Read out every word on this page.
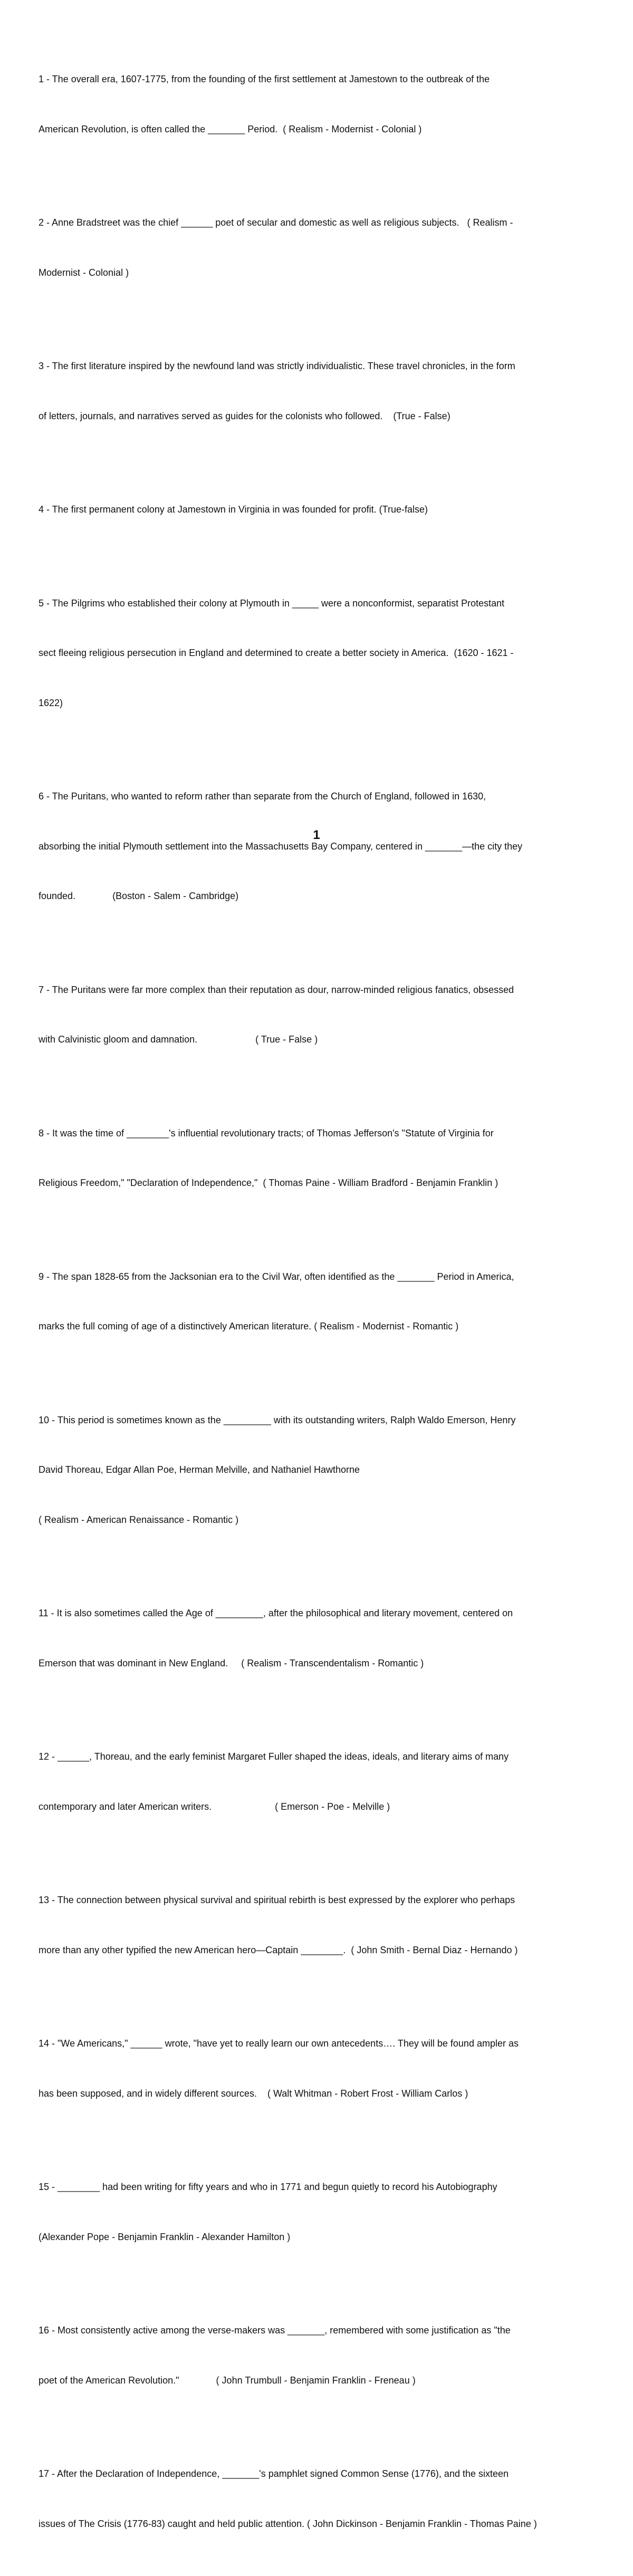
1 - The overall era, 1607-1775, from the founding of the first settlement at Jamestown to the outbreak of the

American Revolution, is often called the _______ Period.  ( Realism - Modernist - Colonial )

2 - Anne Bradstreet was the chief ______ poet of secular and domestic as well as religious subjects.   ( Realism -

Modernist - Colonial )

3 - The first literature inspired by the newfound land was strictly individualistic. These travel chronicles, in the form

of letters, journals, and narratives served as guides for the colonists who followed.    (True - False)

4 - The first permanent colony at Jamestown in Virginia in was founded for profit. (True-false)

5 - The Pilgrims who established their colony at Plymouth in _____ were a nonconformist, separatist Protestant

sect fleeing religious persecution in England and determined to create a better society in America.  (1620 - 1621 -

1622)

6 - The Puritans, who wanted to reform rather than separate from the Church of England, followed in 1630,

absorbing the initial Plymouth settlement into the Massachusetts Bay Company, centered in _______—the city they

founded.              (Boston - Salem - Cambridge)

7 - The Puritans were far more complex than their reputation as dour, narrow-minded religious fanatics, obsessed

with Calvinistic gloom and damnation.                      ( True - False )

8 - It was the time of ________'s influential revolutionary tracts; of Thomas Jefferson's "Statute of Virginia for

Religious Freedom," "Declaration of Independence,"  ( Thomas Paine - William Bradford - Benjamin Franklin )

9 - The span 1828-65 from the Jacksonian era to the Civil War, often identified as the _______ Period in America,

marks the full coming of age of a distinctively American literature. ( Realism - Modernist - Romantic )

10 - This period is sometimes known as the _________ with its outstanding writers, Ralph Waldo Emerson, Henry

David Thoreau, Edgar Allan Poe, Herman Melville, and Nathaniel Hawthorne

( Realism - American Renaissance - Romantic )

11 - It is also sometimes called the Age of _________, after the philosophical and literary movement, centered on

Emerson that was dominant in New England.     ( Realism - Transcendentalism - Romantic )

12 - ______, Thoreau, and the early feminist Margaret Fuller shaped the ideas, ideals, and literary aims of many

contemporary and later American writers.                        ( Emerson - Poe - Melville )

13 - The connection between physical survival and spiritual rebirth is best expressed by the explorer who perhaps

more than any other typified the new American hero—Captain ________.  ( John Smith - Bernal Diaz - Hernando )

14 - "We Americans," ______ wrote, "have yet to really learn our own antecedents…. They will be found ampler as

has been supposed, and in widely different sources.    ( Walt Whitman - Robert Frost - William Carlos )

15 - ________ had been writing for fifty years and who in 1771 and begun quietly to record his Autobiography

(Alexander Pope - Benjamin Franklin - Alexander Hamilton )

16 - Most consistently active among the verse-makers was _______, remembered with some justification as "the

poet of the American Revolution."              ( John Trumbull - Benjamin Franklin - Freneau )

17 - After the Declaration of Independence, _______'s pamphlet signed Common Sense (1776), and the sixteen

issues of The Crisis (1776-83) caught and held public attention. ( John Dickinson - Benjamin Franklin - Thomas Paine )

1
